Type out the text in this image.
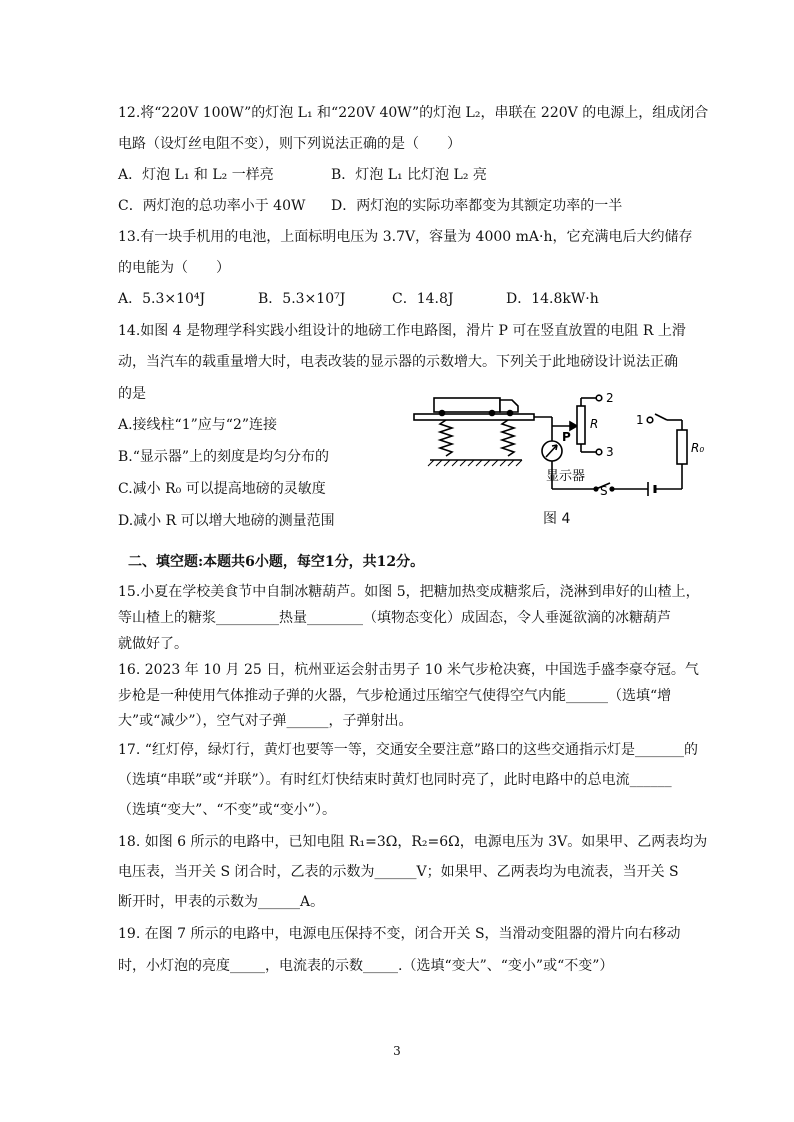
12.将“220V 100W”的灯泡 L₁ 和“220V 40W”的灯泡 L₂，串联在 220V 的电源上，组成闭合
电路（设灯丝电阻不变），则下列说法正确的是（　　）
A．灯泡 L₁ 和 L₂ 一样亮	B．灯泡 L₁ 比灯泡 L₂ 亮
C．两灯泡的总功率小于 40W D．两灯泡的实际功率都变为其额定功率的一半
13.有一块手机用的电池，上面标明电压为 3.7V，容量为 4000 mA·h，它充满电后大约储存
的电能为（　　）
A．5.3×10⁴J	B．5.3×10⁷J	C．14.8J	D．14.8kW·h
14.如图 4 是物理学科实践小组设计的地磅工作电路图，滑片 P 可在竖直放置的电阻 R 上滑
动，当汽车的载重量增大时，电表改装的显示器的示数增大。下列关于此地磅设计说法正确
的是
A.接线柱“1”应与“2”连接
B.“显示器”上的刻度是均匀分布的
C.减小 R₀ 可以提高地磅的灵敏度
D.减小 R 可以增大地磅的测量范围
2
3
1
P
R
R₀
S
显示器
图 4
二、填空题:本题共6小题，每空1分，共12分。
15.小夏在学校美食节中自制冰糖葫芦。如图 5，把糖加热变成糖浆后，浇淋到串好的山楂上，
等山楂上的糖浆_________热量________（填物态变化）成固态，令人垂涎欲滴的冰糖葫芦
就做好了。
16. 2023 年 10 月 25 日，杭州亚运会射击男子 10 米气步枪决赛，中国选手盛李豪夺冠。气
步枪是一种使用气体推动子弹的火器，气步枪通过压缩空气使得空气内能______（选填“增
大”或“减少”），空气对子弹______，子弹射出。
17. “红灯停，绿灯行，黄灯也要等一等，交通安全要注意”路口的这些交通指示灯是_______的
（选填“串联”或“并联”）。有时红灯快结束时黄灯也同时亮了，此时电路中的总电流______
（选填“变大”、“不变”或“变小”）。
18. 如图 6 所示的电路中，已知电阻 R₁=3Ω，R₂=6Ω，电源电压为 3V。如果甲、乙两表均为
电压表，当开关 S 闭合时，乙表的示数为______V；如果甲、乙两表均为电流表，当开关 S
断开时，甲表的示数为______A。
19. 在图 7 所示的电路中，电源电压保持不变，闭合开关 S，当滑动变阻器的滑片向右移动
时，小灯泡的亮度_____，电流表的示数_____.（选填“变大”、“变小”或“不变”）
3
